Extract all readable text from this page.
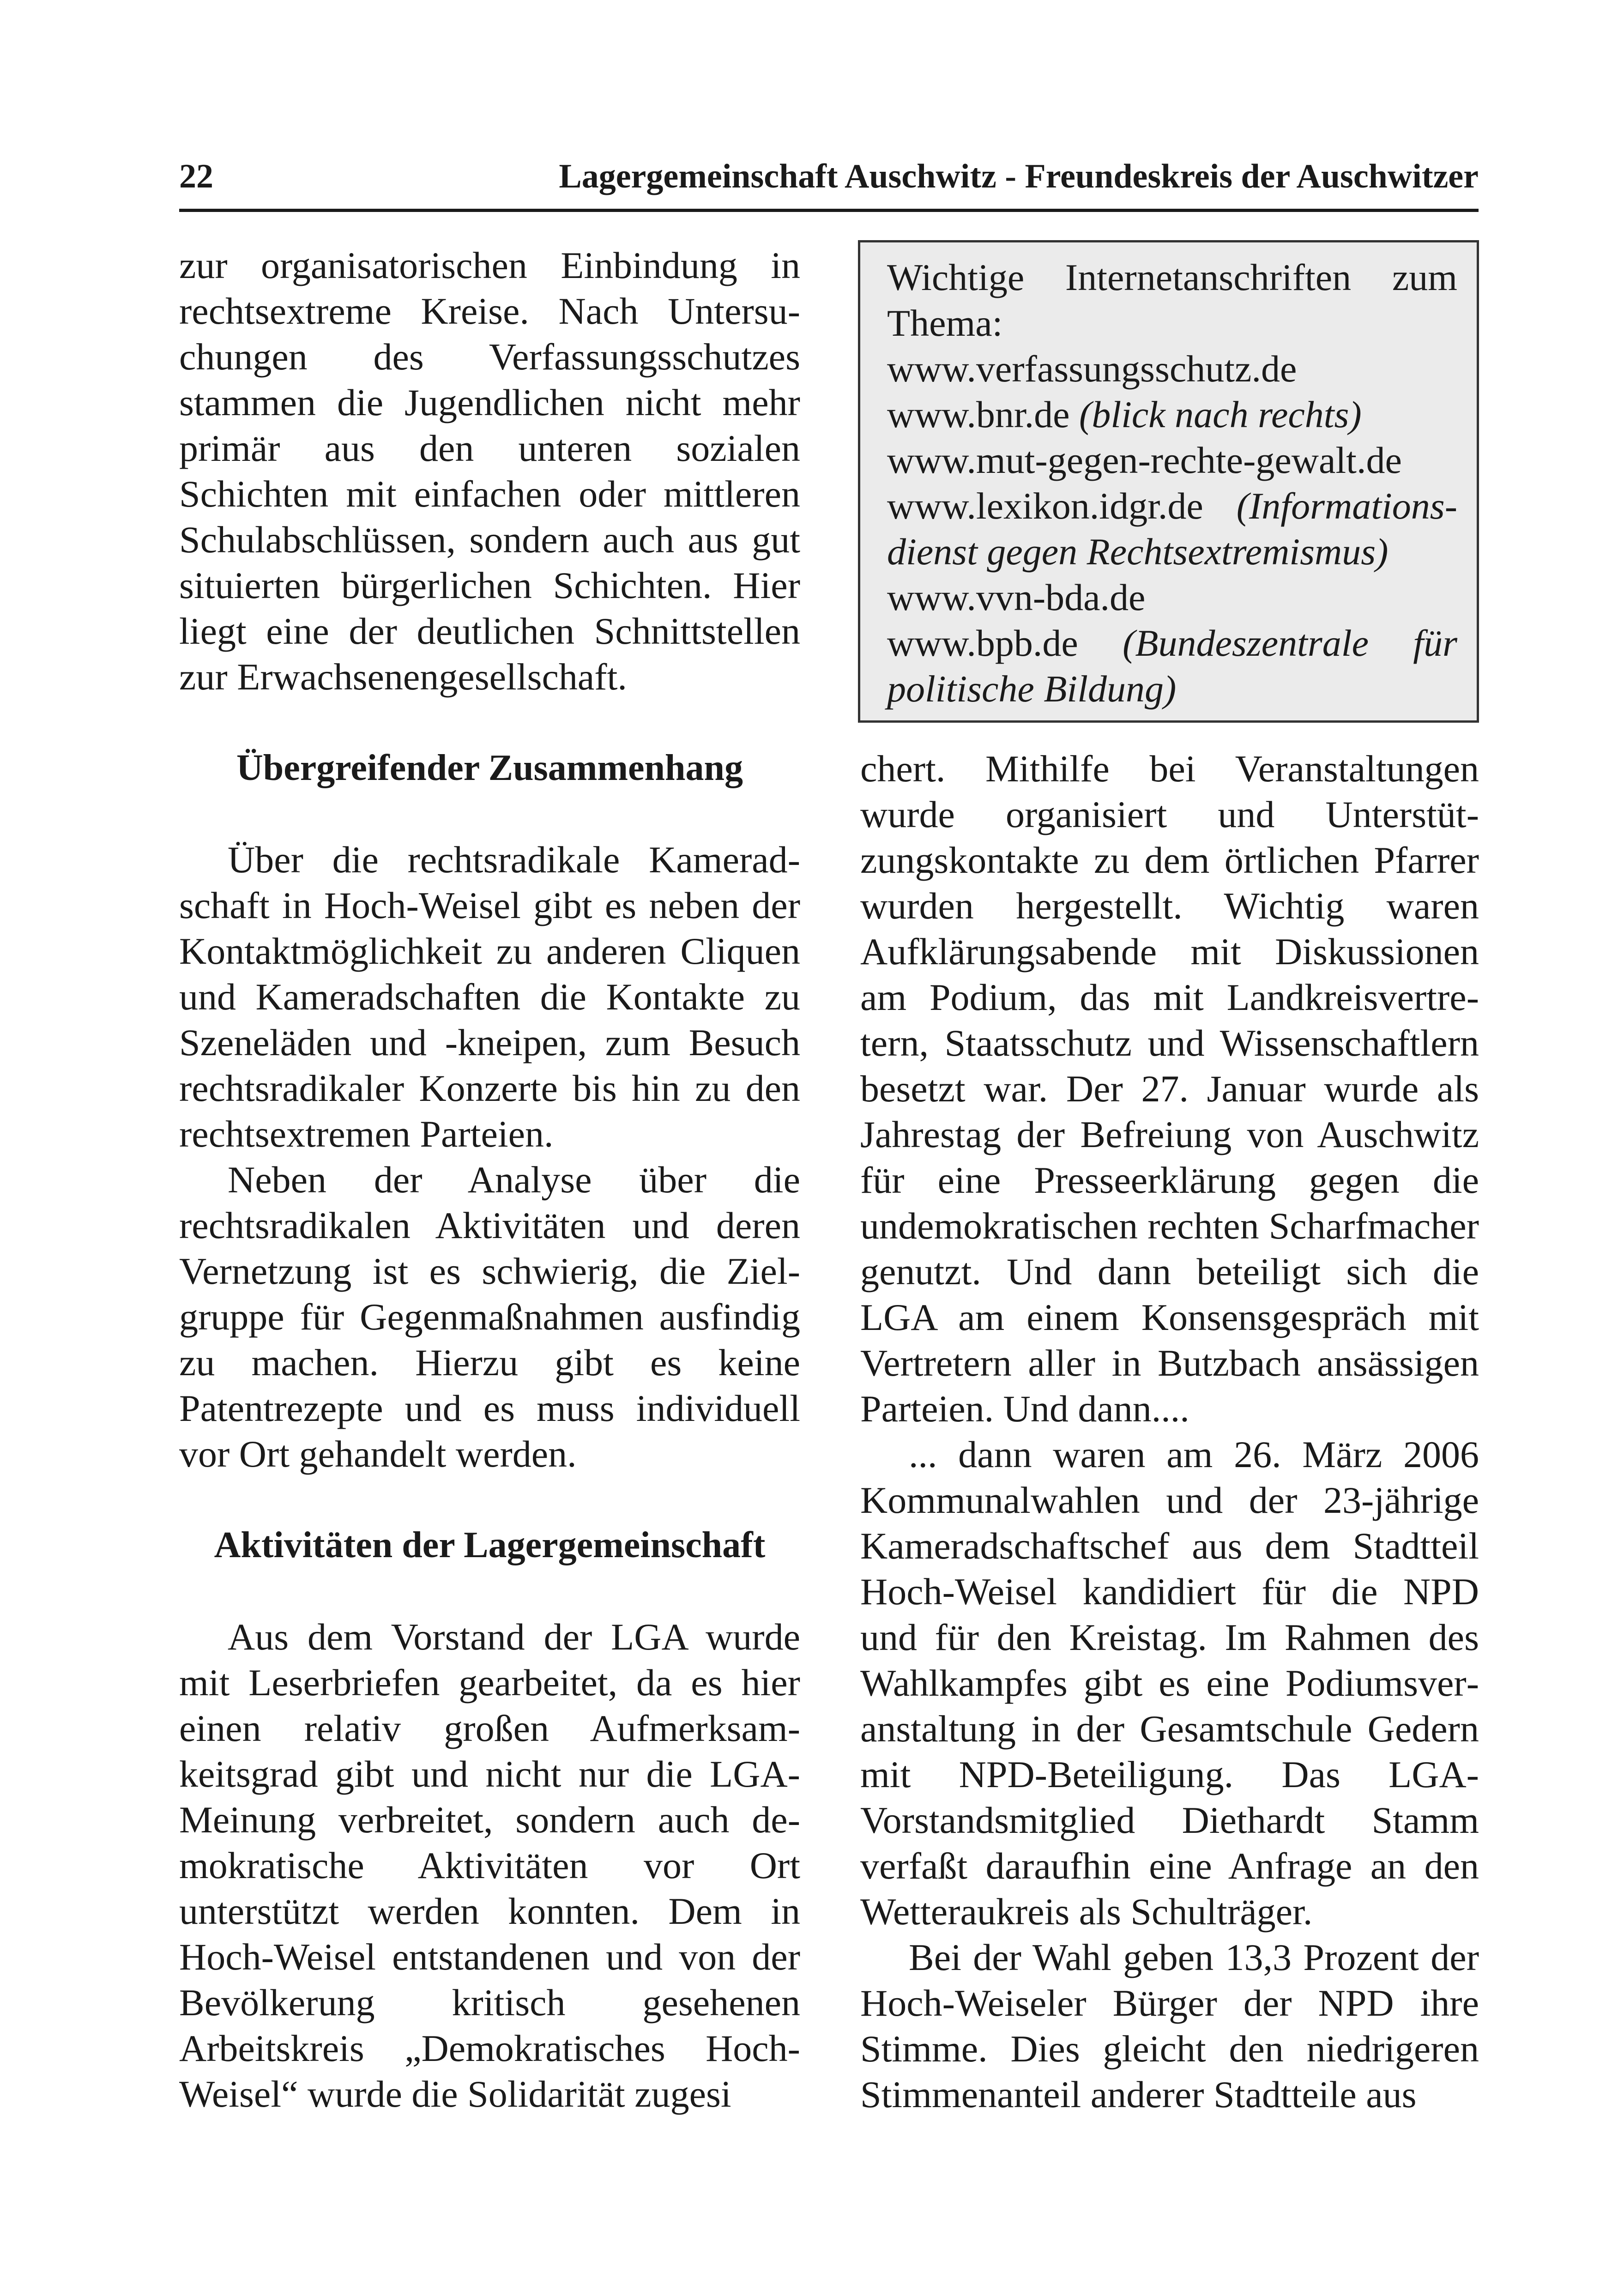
22	Lagergemeinschaft Auschwitz - Freundeskreis der Auschwitzer

zur organisatorischen Einbindung in rechtsextreme Kreise. Nach Untersuchungen des Verfassungsschutzes stammen die Jugendlichen nicht mehr primär aus den unteren sozialen Schichten mit einfachen oder mittleren Schulabschlüssen, sondern auch aus gut situierten bürgerlichen Schichten. Hier liegt eine der deutlichen Schnittstellen zur Erwachsenengesellschaft.

Übergreifender Zusammenhang

Über die rechtsradikale Kameradschaft in Hoch-Weisel gibt es neben der Kontaktmöglichkeit zu anderen Cliquen und Kameradschaften die Kontakte zu Szeneläden und -kneipen, zum Besuch rechtsradikaler Konzerte bis hin zu den rechtsextremen Parteien.

Neben der Analyse über die rechtsradikalen Aktivitäten und deren Vernetzung ist es schwierig, die Zielgruppe für Gegenmaßnahmen ausfindig zu machen. Hierzu gibt es keine Patentrezepte und es muss individuell vor Ort gehandelt werden.

Aktivitäten der Lagergemeinschaft

Aus dem Vorstand der LGA wurde mit Leserbriefen gearbeitet, da es hier einen relativ großen Aufmerksamkeitsgrad gibt und nicht nur die LGA-Meinung verbreitet, sondern auch demokratische Aktivitäten vor Ort unterstützt werden konnten. Dem in Hoch-Weisel entstandenen und von der Bevölkerung kritisch gesehenen Arbeitskreis „Demokratisches Hoch-Weisel“ wurde die Solidarität zugesi

Wichtige Internetanschriften zum Thema:

www.verfassungsschutz.de

www.bnr.de (blick nach rechts)

www.mut-gegen-rechte-gewalt.de

www.lexikon.idgr.de (Informationsdienst gegen Rechtsextremismus)

www.vvn-bda.de

www.bpb.de (Bundeszentrale für politische Bildung)

chert. Mithilfe bei Veranstaltungen wurde organisiert und Unterstützungskontakte zu dem örtlichen Pfarrer wurden hergestellt. Wichtig waren Aufklärungsabende mit Diskussionen am Podium, das mit Landkreisvertretern, Staatsschutz und Wissenschaftlern besetzt war. Der 27. Januar wurde als Jahrestag der Befreiung von Auschwitz für eine Presseerklärung gegen die undemokratischen rechten Scharfmacher genutzt. Und dann beteiligt sich die LGA am einem Konsensgespräch mit Vertretern aller in Butzbach ansässigen Parteien. Und dann....

... dann waren am 26. März 2006 Kommunalwahlen und der 23-jährige Kameradschaftschef aus dem Stadtteil Hoch-Weisel kandidiert für die NPD und für den Kreistag. Im Rahmen des Wahlkampfes gibt es eine Podiumsveranstaltung in der Gesamtschule Gedern mit NPD-Beteiligung. Das LGA-Vorstandsmitglied Diethardt Stamm verfaßt daraufhin eine Anfrage an den Wetteraukreis als Schulträger.

Bei der Wahl geben 13,3 Prozent der Hoch-Weiseler Bürger der NPD ihre Stimme. Dies gleicht den niedrigeren Stimmenanteil anderer Stadtteile aus
